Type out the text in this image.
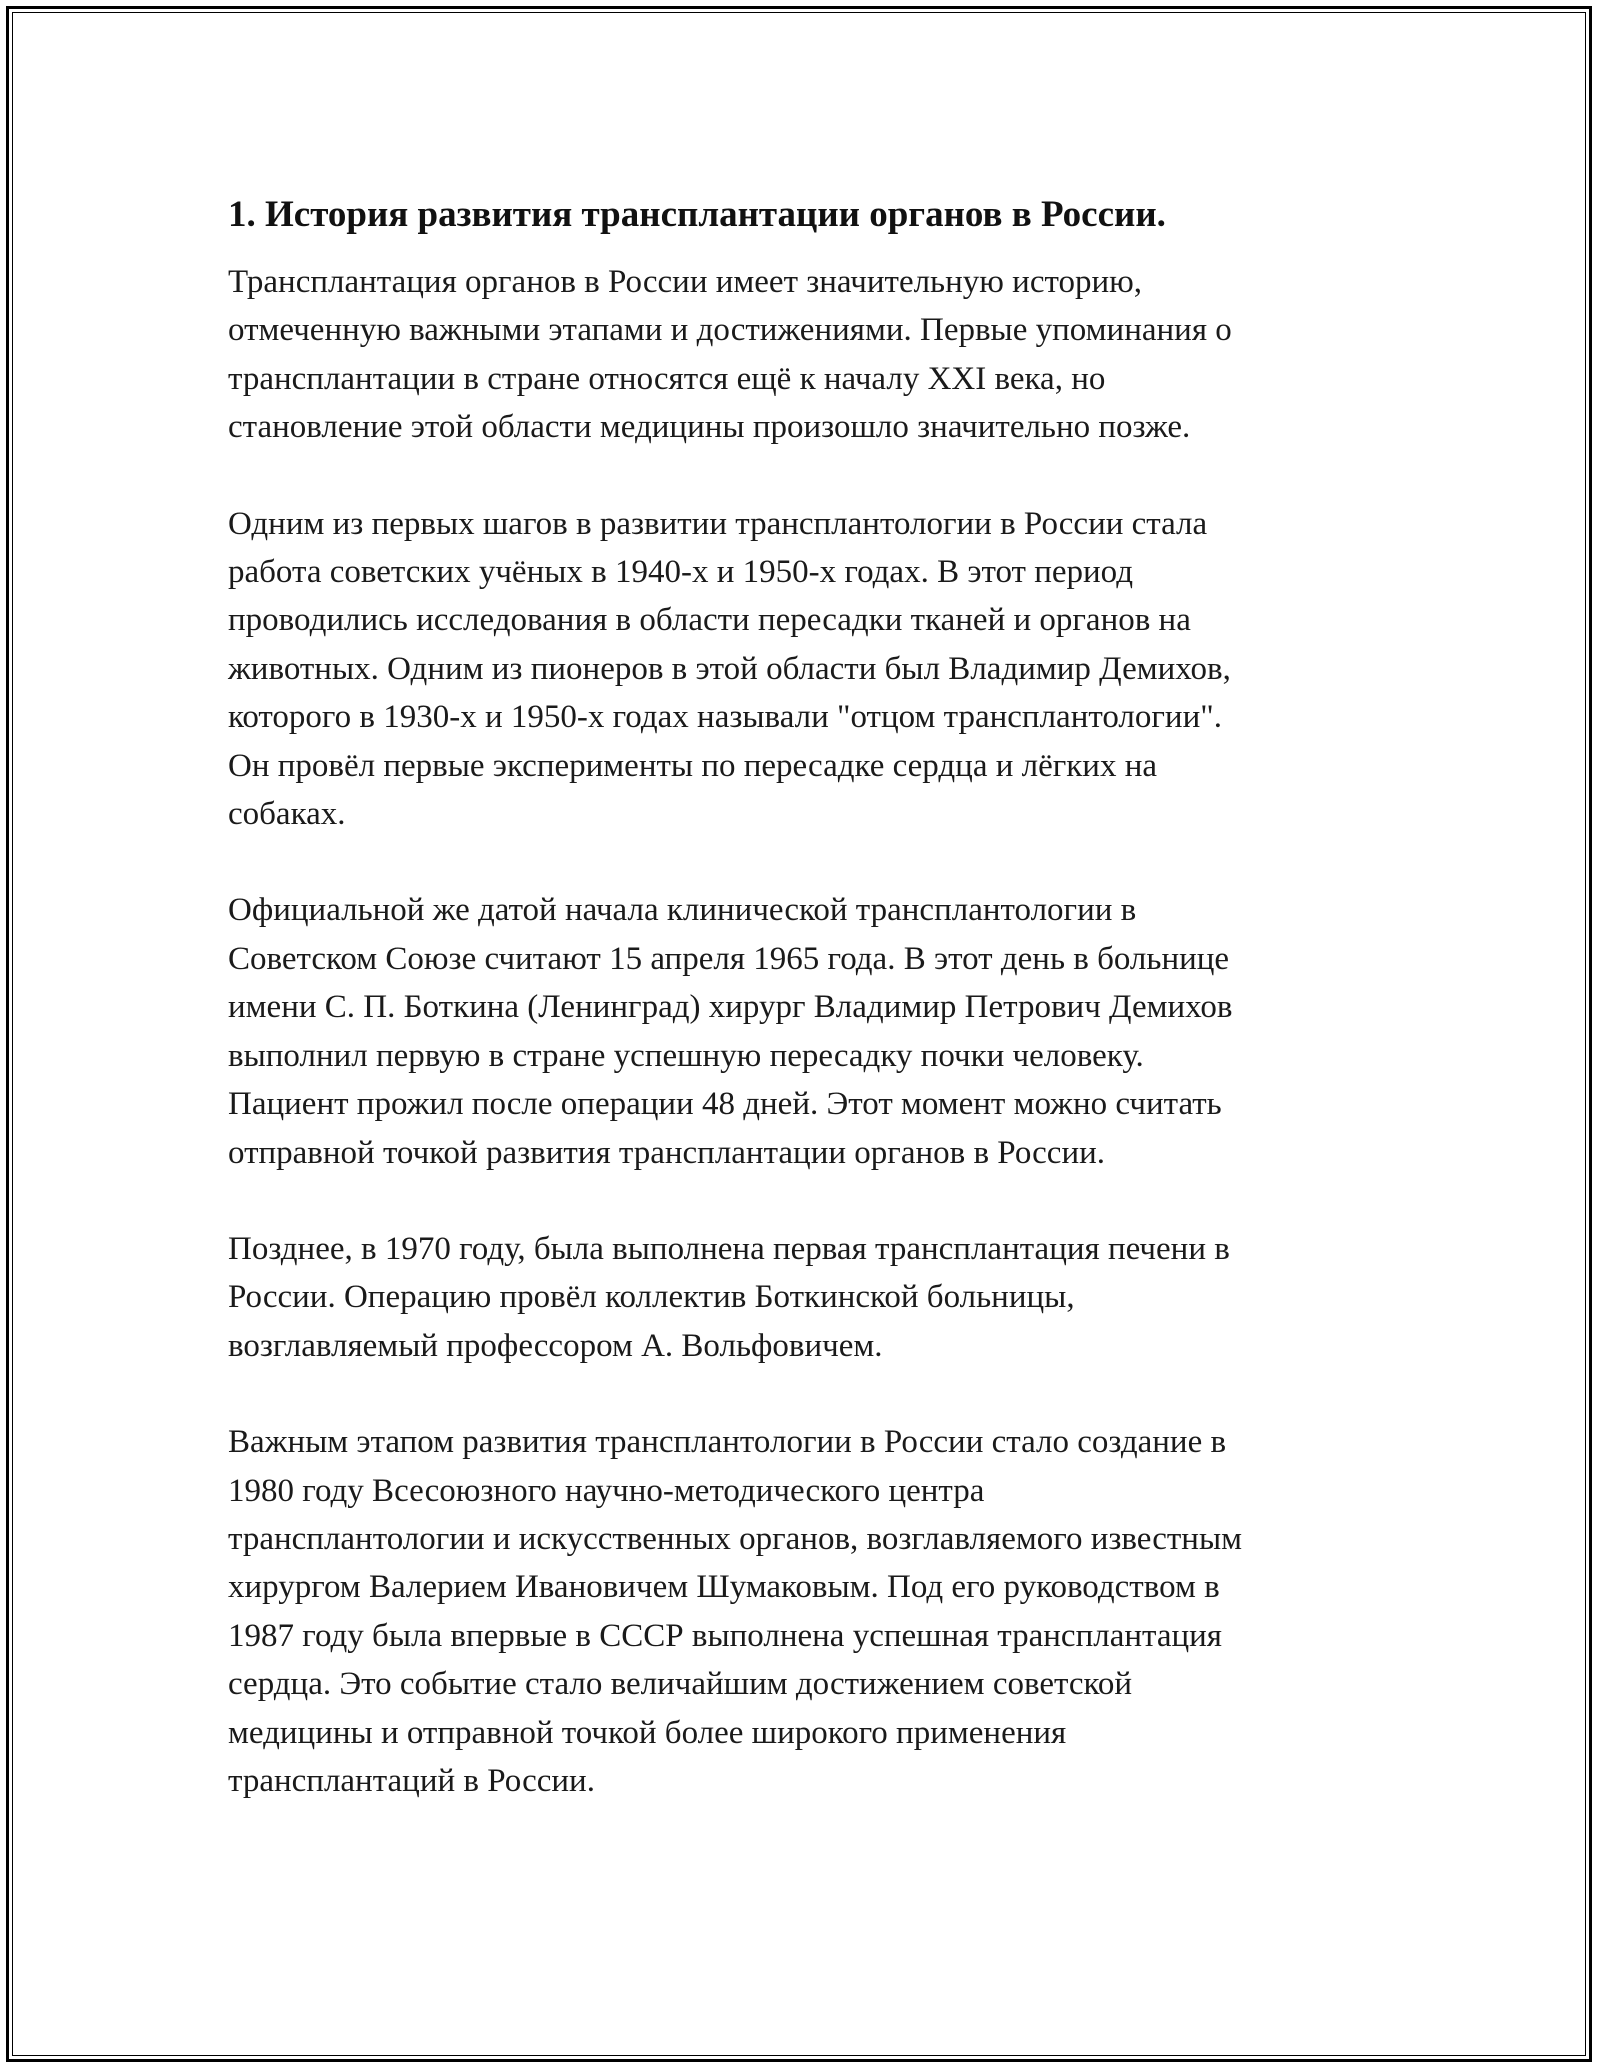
1. История развития трансплантации органов в России.

Трансплантация органов в России имеет значительную историю,
отмеченную важными этапами и достижениями. Первые упоминания о
трансплантации в стране относятся ещё к началу XXI века, но
становление этой области медицины произошло значительно позже.

Одним из первых шагов в развитии трансплантологии в России стала
работа советских учёных в 1940-х и 1950-х годах. В этот период
проводились исследования в области пересадки тканей и органов на
животных. Одним из пионеров в этой области был Владимир Демихов,
которого в 1930-х и 1950-х годах называли "отцом трансплантологии".
Он провёл первые эксперименты по пересадке сердца и лёгких на
собаках.

Официальной же датой начала клинической трансплантологии в
Советском Союзе считают 15 апреля 1965 года. В этот день в больнице
имени С. П. Боткина (Ленинград) хирург Владимир Петрович Демихов
выполнил первую в стране успешную пересадку почки человеку.
Пациент прожил после операции 48 дней. Этот момент можно считать
отправной точкой развития трансплантации органов в России.

Позднее, в 1970 году, была выполнена первая трансплантация печени в
России. Операцию провёл коллектив Боткинской больницы,
возглавляемый профессором А. Вольфовичем.

Важным этапом развития трансплантологии в России стало создание в
1980 году Всесоюзного научно-методического центра
трансплантологии и искусственных органов, возглавляемого известным
хирургом Валерием Ивановичем Шумаковым. Под его руководством в
1987 году была впервые в СССР выполнена успешная трансплантация
сердца. Это событие стало величайшим достижением советской
медицины и отправной точкой более широкого применения
трансплантаций в России.
